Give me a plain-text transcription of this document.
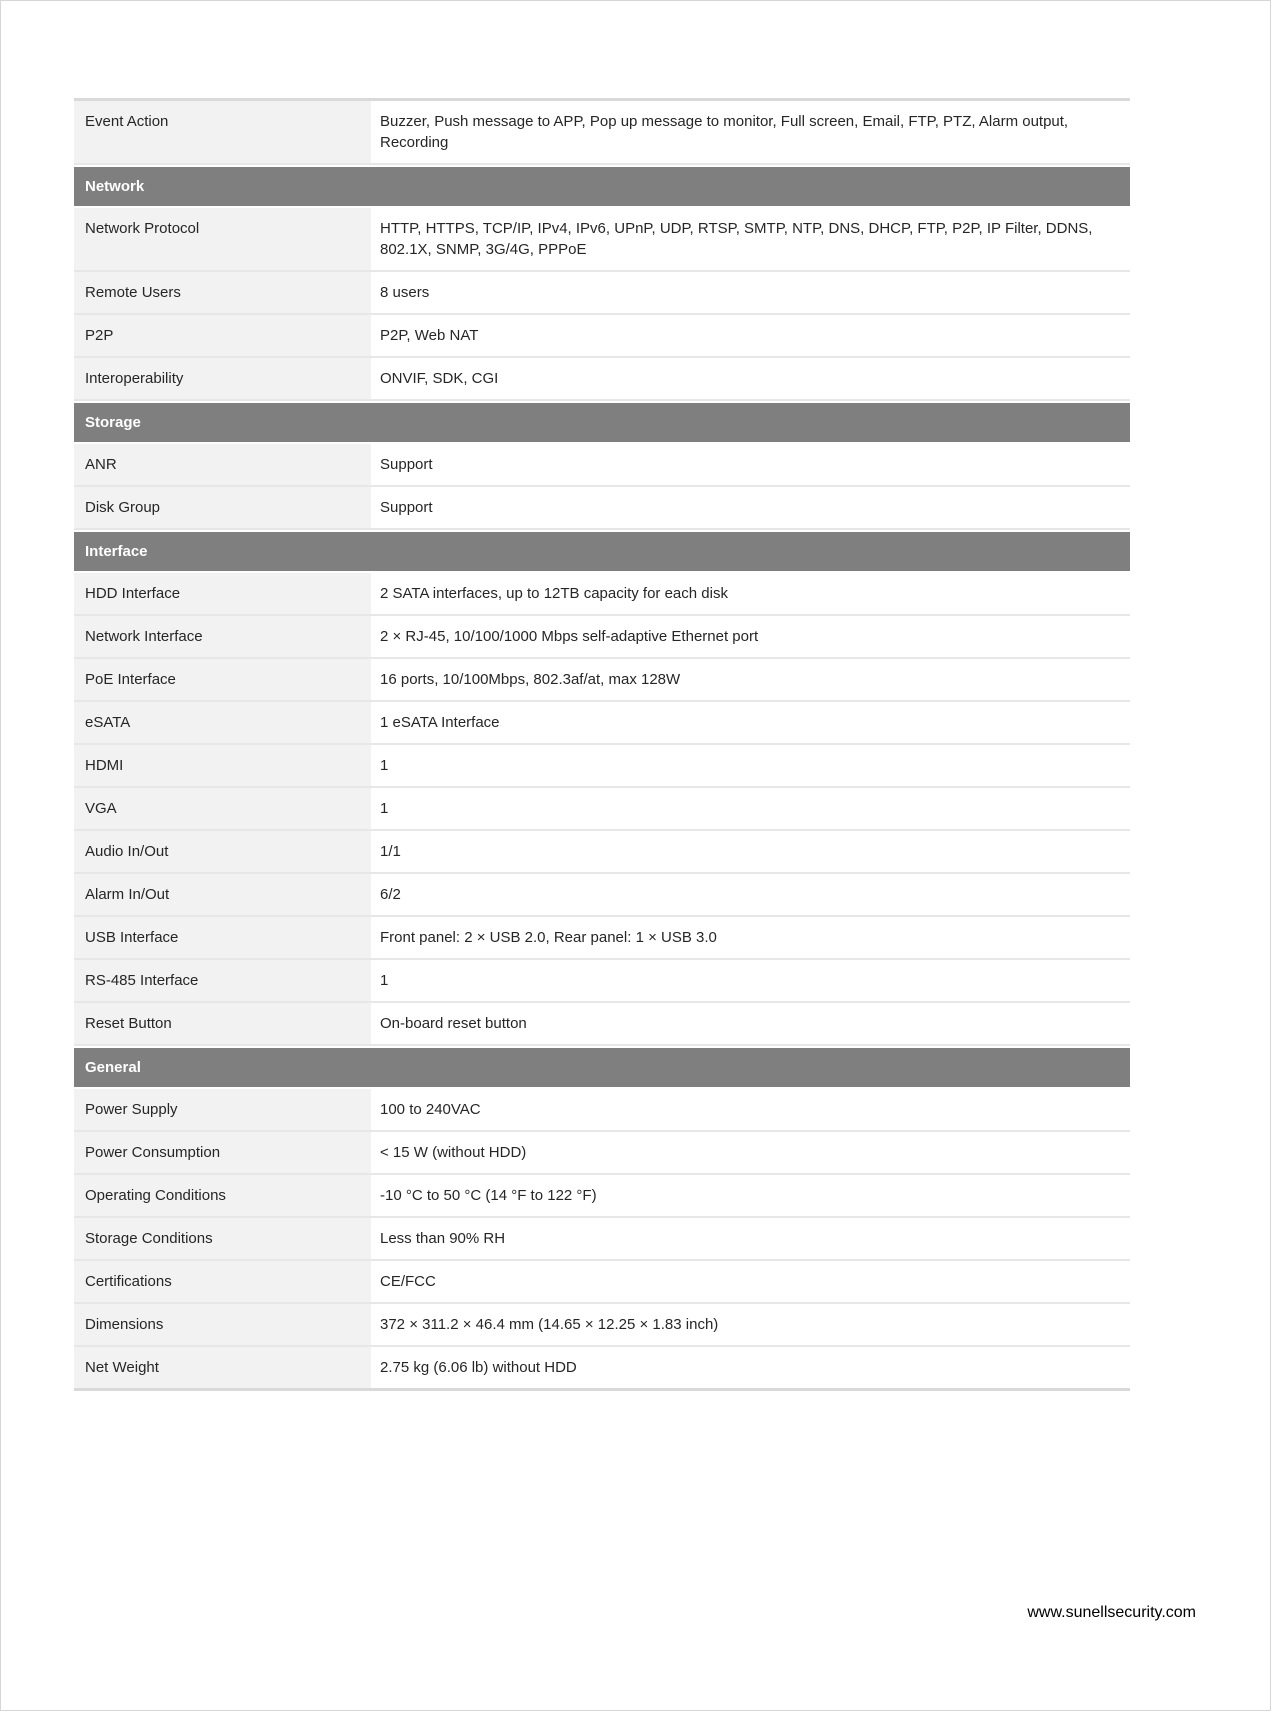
Event Action	Buzzer, Push message to APP, Pop up message to monitor, Full screen, Email, FTP, PTZ, Alarm output, Recording
Network
Network Protocol	HTTP, HTTPS, TCP/IP, IPv4, IPv6, UPnP, UDP, RTSP, SMTP, NTP, DNS, DHCP, FTP, P2P, IP Filter, DDNS, 802.1X, SNMP, 3G/4G, PPPoE
Remote Users	8 users
P2P	P2P, Web NAT
Interoperability	ONVIF, SDK, CGI
Storage
ANR	Support
Disk Group	Support
Interface
HDD Interface	2 SATA interfaces, up to 12TB capacity for each disk
Network Interface	2 × RJ-45, 10/100/1000 Mbps self-adaptive Ethernet port
PoE Interface	16 ports, 10/100Mbps, 802.3af/at, max 128W
eSATA	1 eSATA Interface
HDMI	1
VGA	1
Audio In/Out	1/1
Alarm In/Out	6/2
USB Interface	Front panel: 2 × USB 2.0, Rear panel: 1 × USB 3.0
RS-485 Interface	1
Reset Button	On-board reset button
General
Power Supply	100 to 240VAC
Power Consumption	< 15 W (without HDD)
Operating Conditions	-10 °C to 50 °C (14 °F to 122 °F)
Storage Conditions	Less than 90% RH
Certifications	CE/FCC
Dimensions	372 × 311.2 × 46.4 mm (14.65 × 12.25 × 1.83 inch)
Net Weight	2.75 kg (6.06 lb) without HDD
www.sunellsecurity.com
